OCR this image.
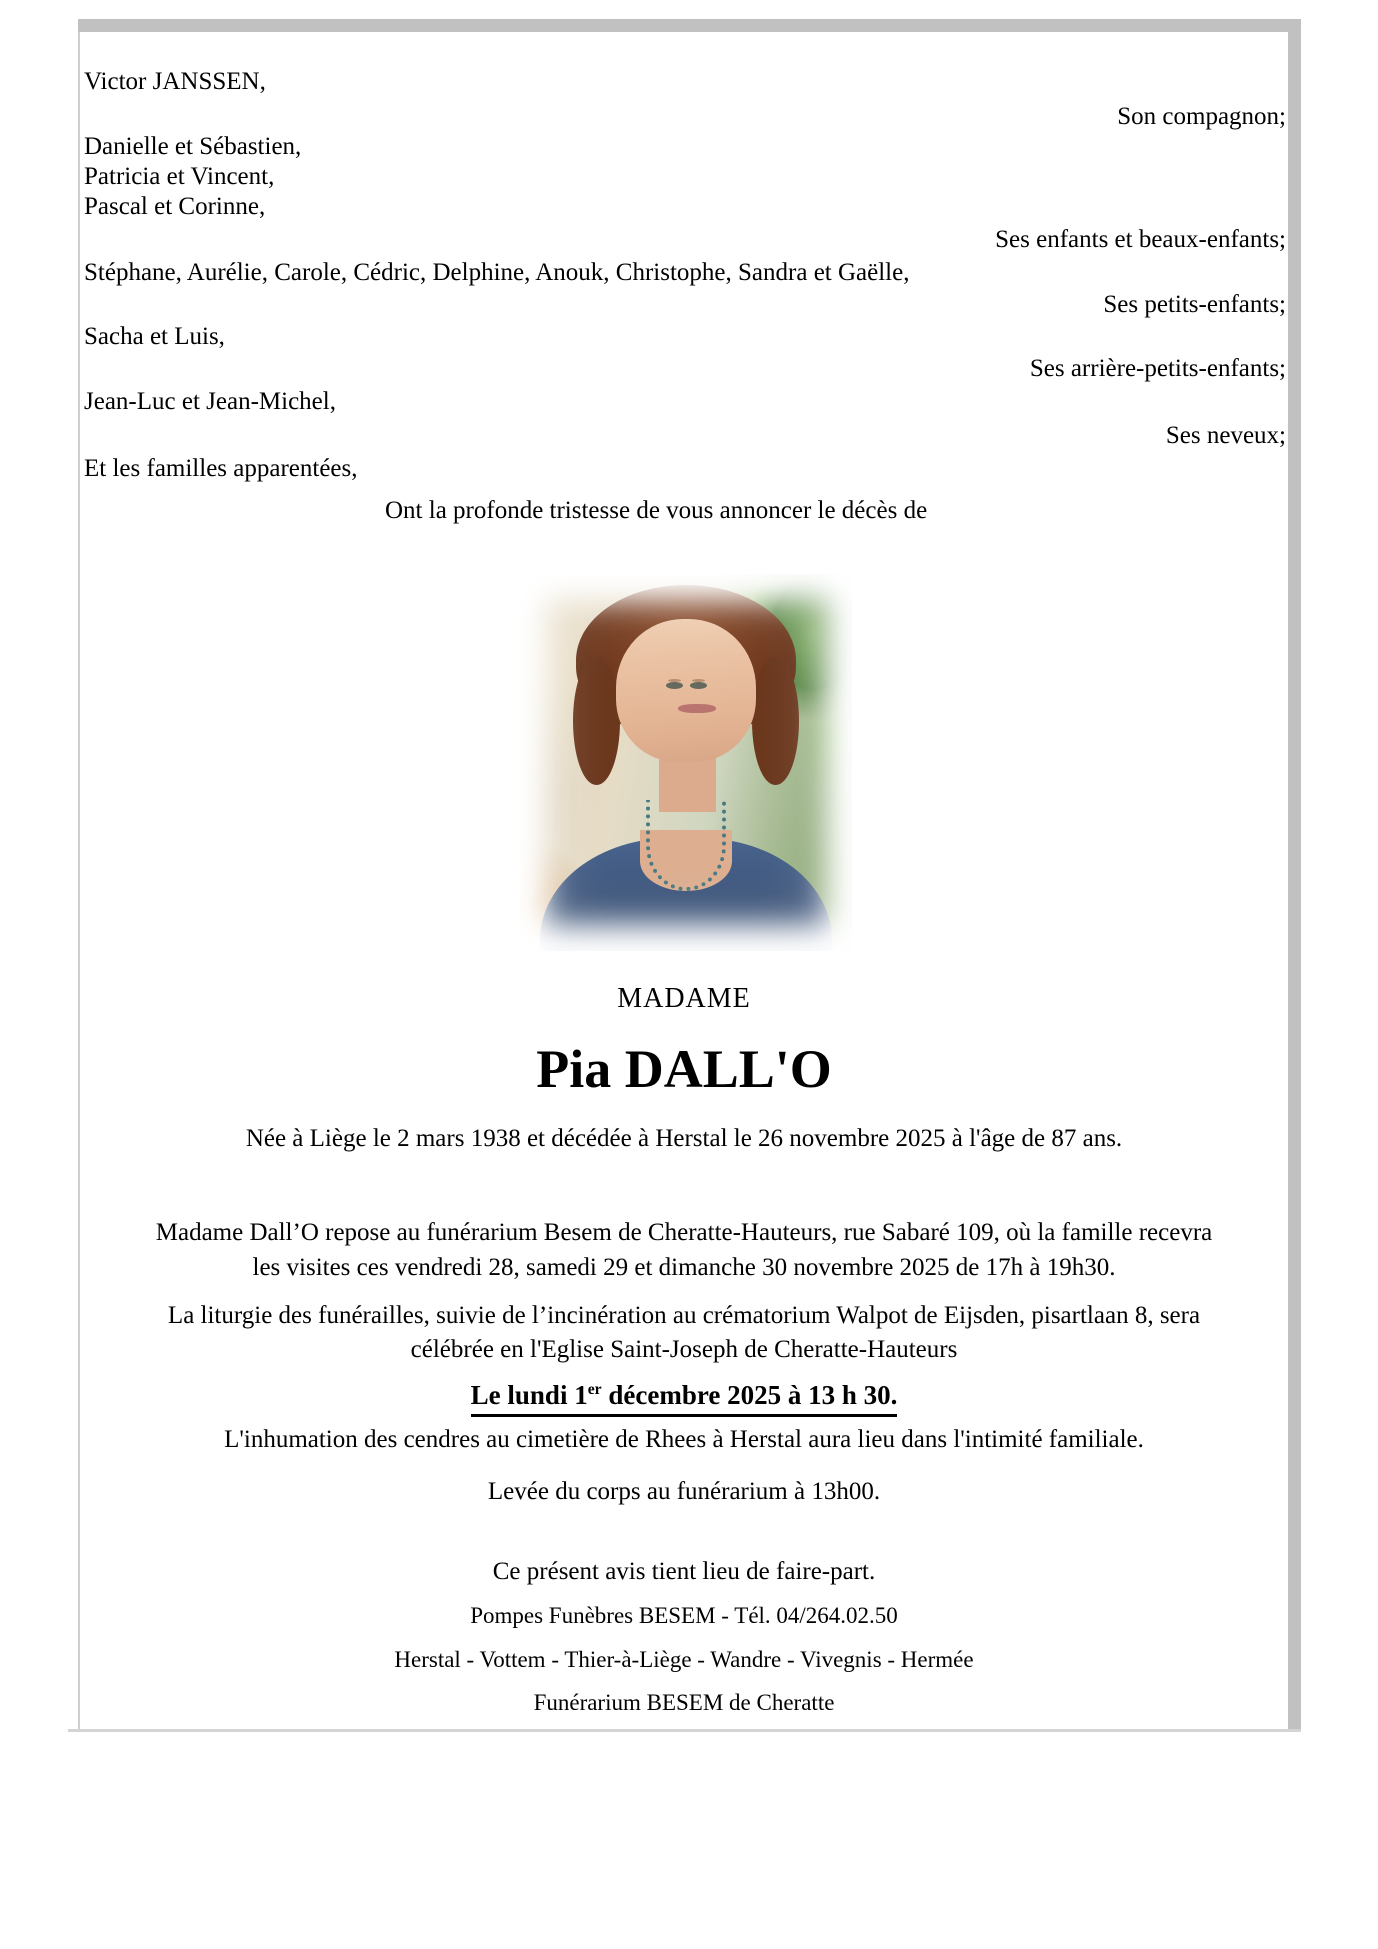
Victor JANSSEN,
Son compagnon;
Danielle et Sébastien,
Patricia et Vincent,
Pascal et Corinne,
Ses enfants et beaux-enfants;
Stéphane, Aurélie, Carole, Cédric, Delphine, Anouk, Christophe, Sandra et Gaëlle,
Ses petits-enfants;
Sacha et Luis,
Ses arrière-petits-enfants;
Jean-Luc et Jean-Michel,
Ses neveux;
Et les familles apparentées,
Ont la profonde tristesse de vous annoncer le décès de
MADAME
Pia DALL'O
Née à Liège le 2 mars 1938 et décédée à Herstal le 26 novembre 2025 à l'âge de 87 ans.
Madame Dall’O repose au funérarium Besem de Cheratte-Hauteurs, rue Sabaré 109, où la famille recevra
les visites ces vendredi 28, samedi 29 et dimanche 30 novembre 2025 de 17h à 19h30.
La liturgie des funérailles, suivie de l’incinération au crématorium Walpot de Eijsden, pisartlaan 8, sera
célébrée en l'Eglise Saint-Joseph de Cheratte-Hauteurs
Le lundi 1er décembre 2025 à 13 h 30.
L'inhumation des cendres au cimetière de Rhees à Herstal aura lieu dans l'intimité familiale.
Levée du corps au funérarium à 13h00.
Ce présent avis tient lieu de faire-part.
Pompes Funèbres BESEM - Tél. 04/264.02.50
Herstal - Vottem - Thier-à-Liège - Wandre - Vivegnis - Hermée
Funérarium BESEM de Cheratte
